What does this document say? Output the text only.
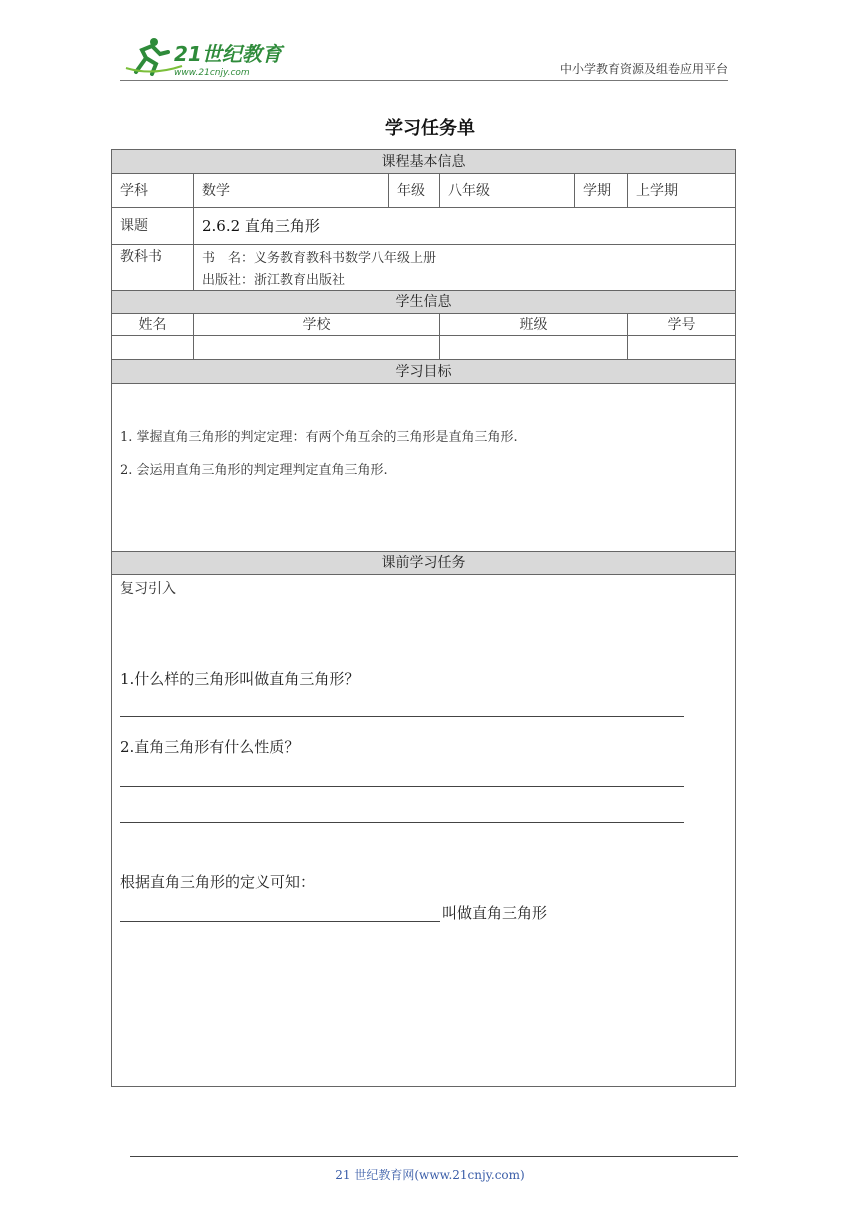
21世纪教育
www.21cnjy.com	中小学教育资源及组卷应用平台
学习任务单
课程基本信息
学科	数学	年级 八年级	学期 上学期
课题	2.6.2 直角三角形
教科书	书　名：义务教育教科书数学八年级上册
出版社：浙江教育出版社
学生信息
姓名	学校	班级	学号
学习目标
1. 掌握直角三角形的判定定理：有两个角互余的三角形是直角三角形.
2. 会运用直角三角形的判定理判定直角三角形.
课前学习任务
复习引入
1.什么样的三角形叫做直角三角形？
2.直角三角形有什么性质？
根据直角三角形的定义可知：
叫做直角三角形
21 世纪教育网(www.21cnjy.com)
